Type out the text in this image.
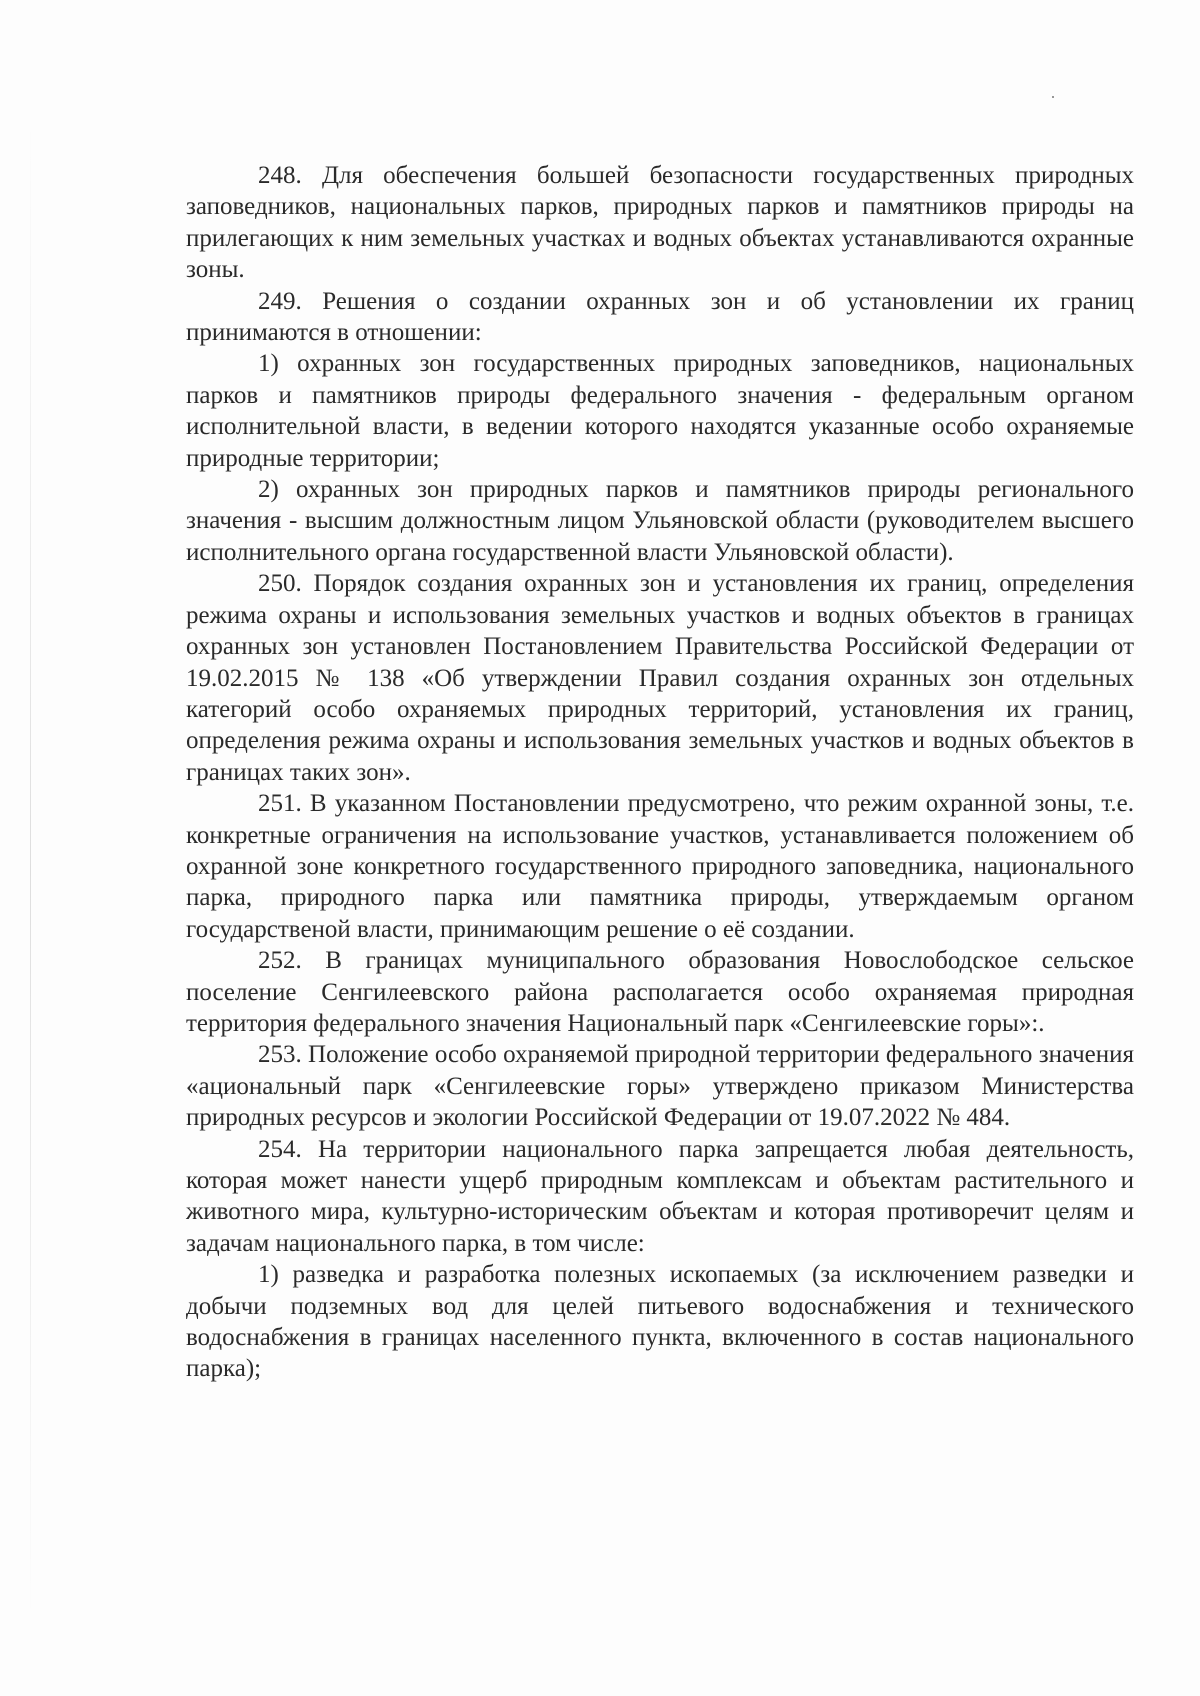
248. Для обеспечения большей безопасности государственных природных заповедников, национальных парков, природных парков и памятников природы на прилегающих к ним земельных участках и водных объектах устанавливаются охранные зоны.

249. Решения о создании охранных зон и об установлении их границ принимаются в отношении:

1) охранных зон государственных природных заповедников, национальных парков и памятников природы федерального значения - федеральным органом исполнительной власти, в ведении которого находятся указанные особо охраняемые природные территории;

2) охранных зон природных парков и памятников природы регионального значения - высшим должностным лицом Ульяновской области (руководителем высшего исполнительного органа государственной власти Ульяновской области).

250. Порядок создания охранных зон и установления их границ, определения режима охраны и использования земельных участков и водных объектов в границах охранных зон установлен Постановлением Правительства Российской Федерации от 19.02.2015 № 138 «Об утверждении Правил создания охранных зон отдельных категорий особо охраняемых природных территорий, установления их границ, определения режима охраны и использования земельных участков и водных объектов в границах таких зон».

251. В указанном Постановлении предусмотрено, что режим охранной зоны, т.е. конкретные ограничения на использование участков, устанавливается положением об охранной зоне конкретного государственного природного заповедника, национального парка, природного парка или памятника природы, утверждаемым органом государственой власти, принимающим решение о её создании.

252. В границах муниципального образования Новослободское сельское поселение Сенгилеевского района располагается особо охраняемая природная территория федерального значения Национальный парк «Сенгилеевские горы»:.

253. Положение особо охраняемой природной территории федерального значения «ациональный парк «Сенгилеевские горы» утверждено приказом Министерства природных ресурсов и экологии Российской Федерации от 19.07.2022 № 484.

254. На территории национального парка запрещается любая деятельность, которая может нанести ущерб природным комплексам и объектам растительного и животного мира, культурно-историческим объектам и которая противоречит целям и задачам национального парка, в том числе:

1) разведка и разработка полезных ископаемых (за исключением разведки и добычи подземных вод для целей питьевого водоснабжения и технического водоснабжения в границах населенного пункта, включенного в состав национального парка);
